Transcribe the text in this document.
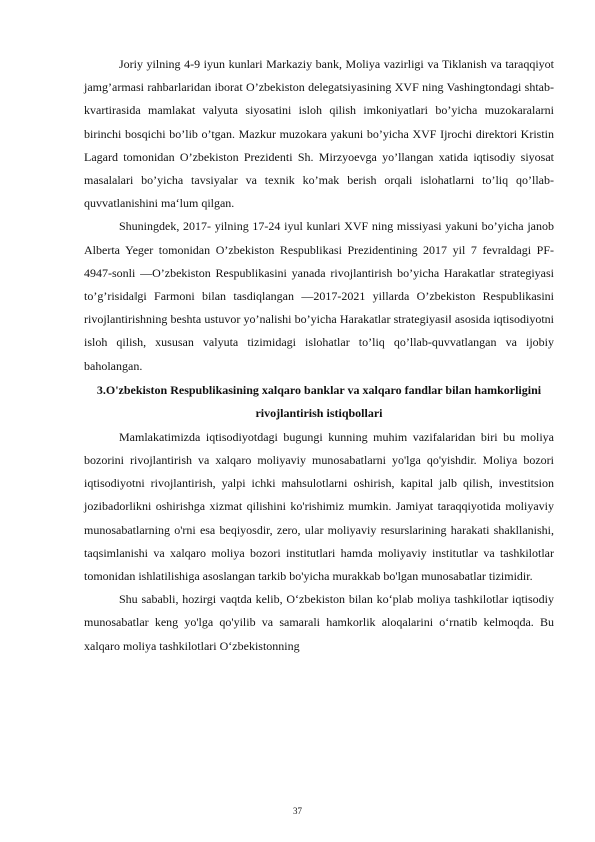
Joriy yilning 4-9 iyun kunlari Markaziy bank, Moliya vazirligi va Tiklanish va taraqqiyot jamg’armasi rahbarlaridan iborat O’zbekiston delegatsiyasining XVF ning Vashingtondagi shtab-kvartirasida mamlakat valyuta siyosatini isloh qilish imkoniyatlari bo’yicha muzokaralarni birinchi bosqichi bo’lib o’tgan. Mazkur muzokara yakuni bo’yicha XVF Ijrochi direktori Kristin Lagard tomonidan O’zbekiston Prezidenti Sh. Mirzyoevga yo’llangan xatida iqtisodiy siyosat masalalari bo’yicha tavsiyalar va texnik ko’mak berish orqali islohatlarni to’liq qo’llab-quvvatlanishini ma‘lum qilgan.

Shuningdek, 2017- yilning 17-24 iyul kunlari XVF ning missiyasi yakuni bo’yicha janob Alberta Yeger tomonidan O’zbekiston Respublikasi Prezidentining 2017 yil 7 fevraldagi PF-4947-sonli ―O’zbekiston Respublikasini yanada rivojlantirish bo’yicha Harakatlar strategiyasi to’g’risida‖gi Farmoni bilan tasdiqlangan ―2017-2021 yillarda O’zbekiston Respublikasini rivojlantirishning beshta ustuvor yo’nalishi bo’yicha Harakatlar strategiyasi‖ asosida iqtisodiyotni isloh qilish, xususan valyuta tizimidagi islohatlar to’liq qo’llab-quvvatlangan va ijobiy baholangan.

3.O'zbekiston Respublikasining xalqaro banklar va xalqaro fandlar bilan hamkorligini rivojlantirish istiqbollari

Mamlakatimizda iqtisodiyotdagi bugungi kunning muhim vazifalaridan biri bu moliya bozorini rivojlantirish va xalqaro moliyaviy munosabatlarni yo'lga qo'yishdir. Moliya bozori iqtisodiyotni rivojlantirish, yalpi ichki mahsulotlarni oshirish, kapital jalb qilish, investitsion jozibadorlikni oshirishga xizmat qilishini ko'rishimiz mumkin. Jamiyat taraqqiyotida moliyaviy munosabatlarning o'rni esa beqiyosdir, zero, ular moliyaviy resurslarining harakati shakllanishi, taqsimlanishi va xalqaro moliya bozori institutlari hamda moliyaviy institutlar va tashkilotlar tomonidan ishlatilishiga asoslangan tarkib bo'yicha murakkab bo'lgan munosabatlar tizimidir.

Shu sababli, hozirgi vaqtda kelib, O‘zbekiston bilan ko‘plab moliya tashkilotlar iqtisodiy munosabatlar keng yo'lga qo'yilib va samarali hamkorlik aloqalarini o‘rnatib kelmoqda. Bu xalqaro moliya tashkilotlari O‘zbekistonning

37
